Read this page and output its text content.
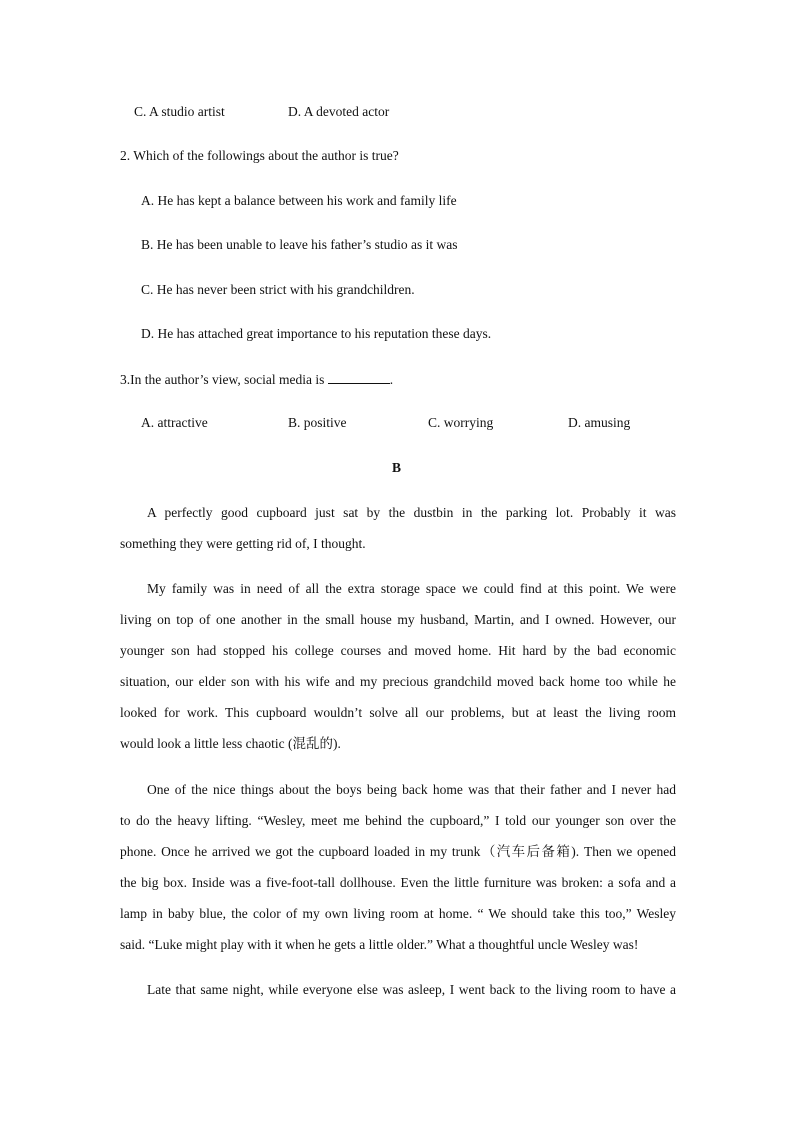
C. A studio artist	D. A devoted actor
2. Which of the followings about the author is true?
A. He has kept a balance between his work and family life
B. He has been unable to leave his father’s studio as it was
C. He has never been strict with his grandchildren.
D. He has attached great importance to his reputation these days.
3.In the author’s view, social media is	.
A. attractive	B. positive	C. worrying	D. amusing
B
A perfectly good cupboard just sat by the dustbin in the parking lot. Probably it was
something they were getting rid of, I thought.
My family was in need of all the extra storage space we could find at this point. We were
living on top of one another in the small house my husband, Martin, and I owned. However, our
younger son had stopped his college courses and moved home. Hit hard by the bad economic
situation, our elder son with his wife and my precious grandchild moved back home too while he
looked for work. This cupboard wouldn’t solve all our problems, but at least the living room
would look a little less chaotic (混乱的).
One of the nice things about the boys being back home was that their father and I never had
to do the heavy lifting. “Wesley, meet me behind the cupboard,” I told our younger son over the
phone. Once he arrived we got the cupboard loaded in my trunk（汽车后备箱). Then we opened
the big box. Inside was a five-foot-tall dollhouse. Even the little furniture was broken: a sofa and a
lamp in baby blue, the color of my own living room at home. “ We should take this too,” Wesley
said. “Luke might play with it when he gets a little older.” What a thoughtful uncle Wesley was!
Late that same night, while everyone else was asleep, I went back to the living room to have a
